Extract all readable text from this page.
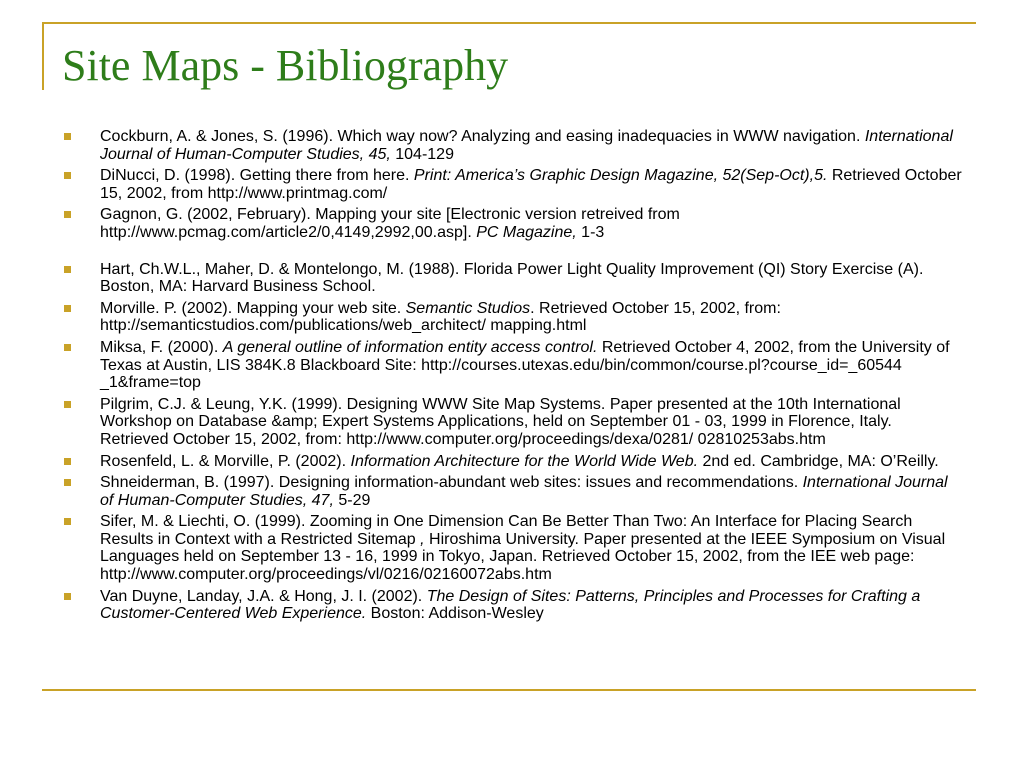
Site Maps - Bibliography
Cockburn, A. & Jones, S. (1996). Which way now? Analyzing and easing inadequacies in WWW navigation. International Journal of Human-Computer Studies, 45, 104-129
DiNucci, D. (1998). Getting there from here. Print: America’s Graphic Design Magazine, 52(Sep-Oct),5. Retrieved October 15, 2002, from http://www.printmag.com/
Gagnon, G. (2002, February). Mapping your site [Electronic version retreived from http://www.pcmag.com/article2/0,4149,2992,00.asp]. PC Magazine, 1-3
Hart, Ch.W.L., Maher, D. & Montelongo, M. (1988). Florida Power Light Quality Improvement (QI) Story Exercise (A). Boston, MA: Harvard Business School.
Morville. P. (2002). Mapping your web site. Semantic Studios. Retrieved October 15, 2002, from: http://semanticstudios.com/publications/web_architect/ mapping.html
Miksa, F. (2000). A general outline of information entity access control. Retrieved October 4, 2002, from the University of Texas at Austin, LIS 384K.8 Blackboard Site: http://courses.utexas.edu/bin/common/course.pl?course_id=_60544 _1&frame=top
Pilgrim, C.J. & Leung, Y.K. (1999). Designing WWW Site Map Systems. Paper presented at the 10th International Workshop on Database &amp; Expert Systems Applications, held on September 01 - 03, 1999 in Florence, Italy. Retrieved October 15, 2002, from: http://www.computer.org/proceedings/dexa/0281/ 02810253abs.htm
Rosenfeld, L. & Morville, P. (2002). Information Architecture for the World Wide Web. 2nd ed. Cambridge, MA: O’Reilly.
Shneiderman, B. (1997). Designing information-abundant web sites: issues and recommendations. International Journal of Human-Computer Studies, 47, 5-29
Sifer, M. & Liechti, O. (1999). Zooming in One Dimension Can Be Better Than Two: An Interface for Placing Search Results in Context with a Restricted Sitemap , Hiroshima University. Paper presented at the IEEE Symposium on Visual Languages held on September 13 - 16, 1999 in Tokyo, Japan. Retrieved October 15, 2002, from the IEE web page: http://www.computer.org/proceedings/vl/0216/02160072abs.htm
Van Duyne, Landay, J.A. & Hong, J. I. (2002). The Design of Sites: Patterns, Principles and Processes for Crafting a Customer-Centered Web Experience. Boston: Addison-Wesley
